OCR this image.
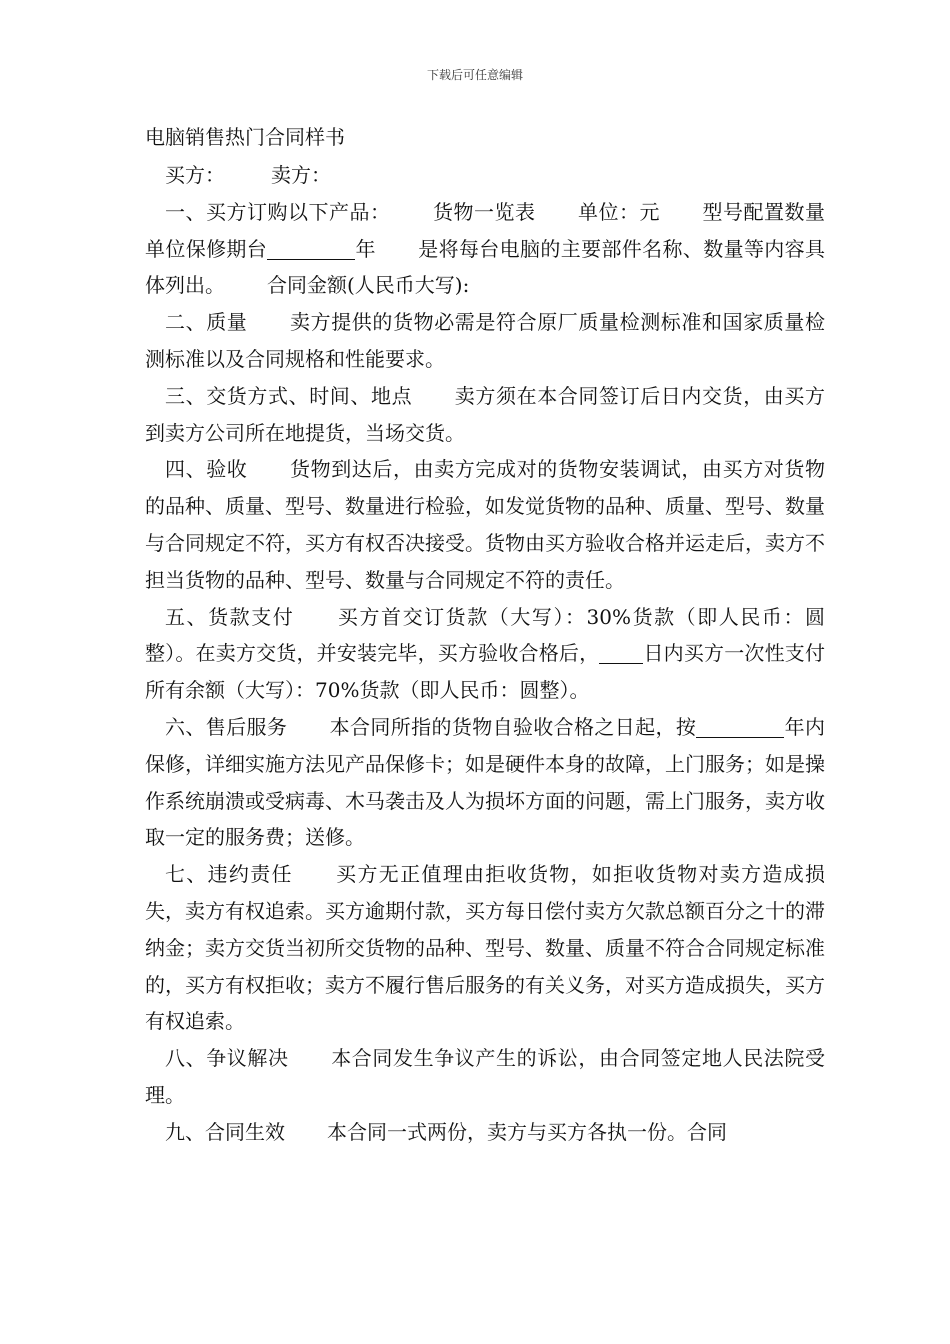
下载后可任意编辑
电脑销售热门合同样书

买方： 卖方：

一、买方订购以下产品： 货物一览表 单位：元 型号配置数量单位保修期台	年 是将每台电脑的主要部件名称、数量等内容具体列出。 合同金额(人民币大写):

二、质量 卖方提供的货物必需是符合原厂质量检测标准和国家质量检测标准以及合同规格和性能要求。

三、交货方式、时间、地点 卖方须在本合同签订后日内交货，由买方到卖方公司所在地提货，当场交货。

四、验收 货物到达后，由卖方完成对的货物安装调试，由买方对货物的品种、质量、型号、数量进行检验，如发觉货物的品种、质量、型号、数量与合同规定不符，买方有权否决接受。货物由买方验收合格并运走后，卖方不担当货物的品种、型号、数量与合同规定不符的责任。

五、货款支付 买方首交订货款（大写）：30%货款（即人民币：圆整）。在卖方交货，并安装完毕，买方验收合格后， 日内买方一次性支付所有余额（大写）：70%货款（即人民币：圆整）。

六、售后服务 本合同所指的货物自验收合格之日起，按	年内保修，详细实施方法见产品保修卡；如是硬件本身的故障，上门服务；如是操作系统崩溃或受病毒、木马袭击及人为损坏方面的问题，需上门服务，卖方收取一定的服务费；送修。

七、违约责任 买方无正值理由拒收货物，如拒收货物对卖方造成损失，卖方有权追索。买方逾期付款，买方每日偿付卖方欠款总额百分之十的滞纳金；卖方交货当初所交货物的品种、型号、数量、质量不符合合同规定标准的，买方有权拒收；卖方不履行售后服务的有关义务，对买方造成损失，买方有权追索。

八、争议解决 本合同发生争议产生的诉讼，由合同签定地人民法院受理。

九、合同生效 本合同一式两份，卖方与买方各执一份。合同
